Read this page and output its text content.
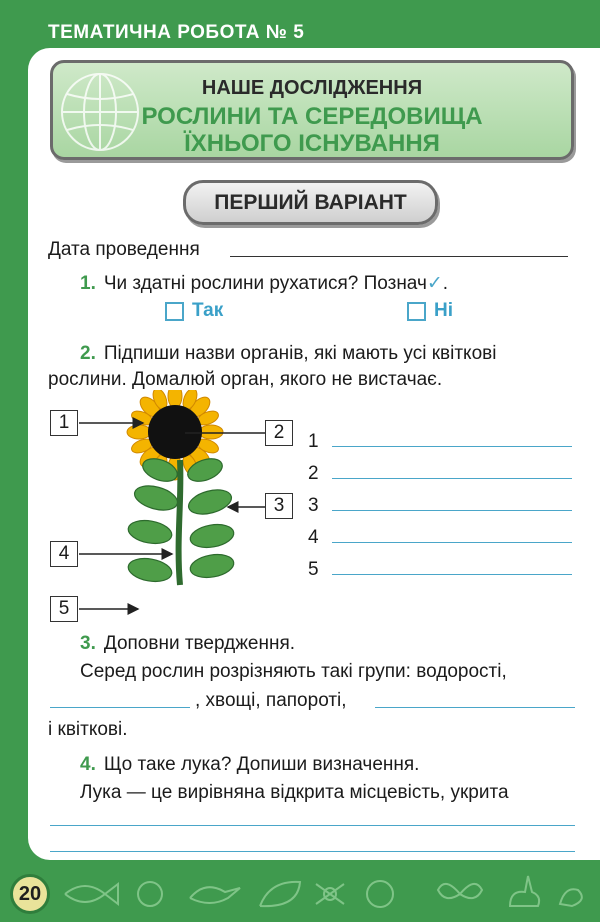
ТЕМАТИЧНА РОБОТА № 5
НАШЕ ДОСЛІДЖЕННЯ
РОСЛИНИ ТА СЕРЕДОВИЩА
ЇХНЬОГО ІСНУВАННЯ
ПЕРШИЙ ВАРІАНТ
Дата проведення
1. Чи здатні рослини рухатися? Познач✓.
Так	Ні
2. Підпиши назви органів, які мають усі квіткові
рослини. Домалюй орган, якого не вистачає.
1	2
3
4
5
1
2
3
4
5
3. Доповни твердження.
Серед рослин розрізняють такі групи: водорості,
, хвощі, папороті,
і квіткові.
4. Що таке лука? Допиши визначення.
Лука — це вирівняна відкрита місцевість, укрита
20
